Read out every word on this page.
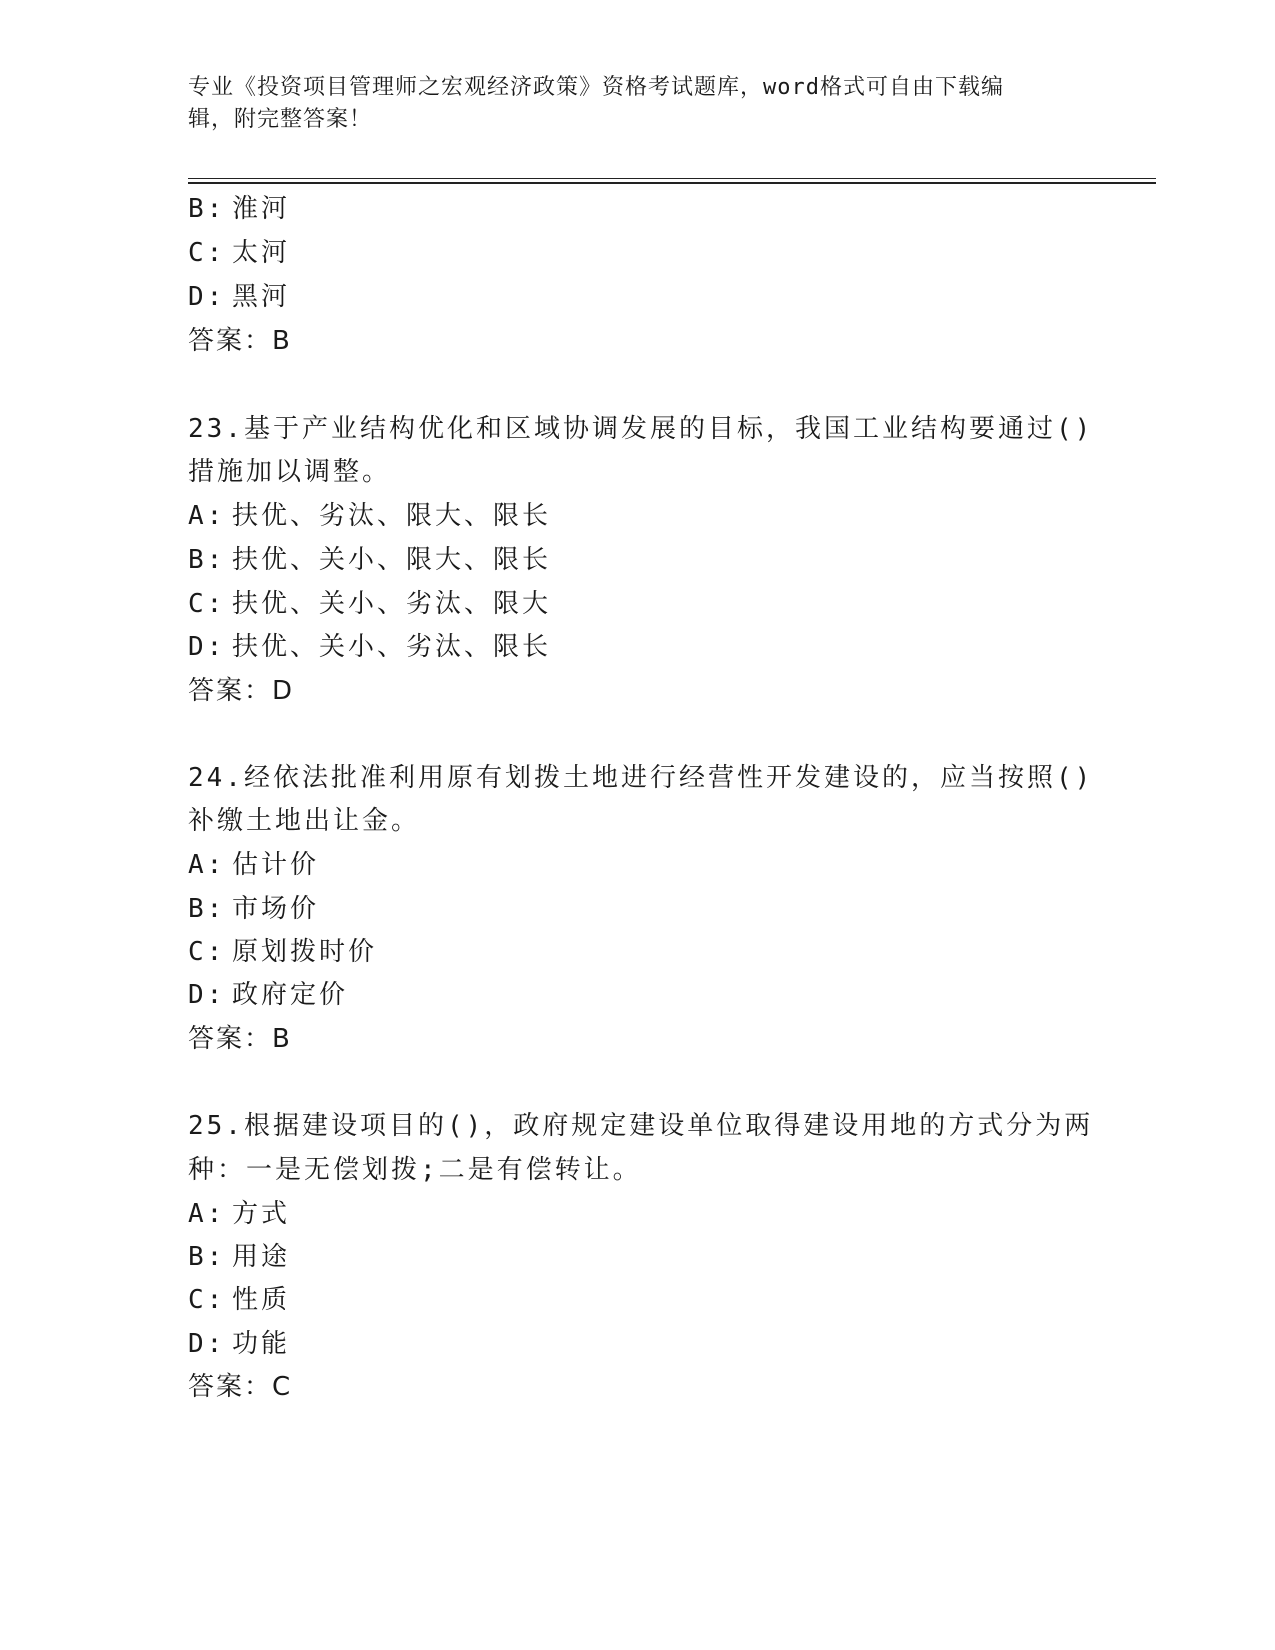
专业《投资项目管理师之宏观经济政策》资格考试题库，word格式可自由下载编
辑，附完整答案！
B: 淮河
C: 太河
D: 黑河
答案：B
23.基于产业结构优化和区域协调发展的目标，我国工业结构要通过()
措施加以调整。
A: 扶优、劣汰、限大、限长
B: 扶优、关小、限大、限长
C: 扶优、关小、劣汰、限大
D: 扶优、关小、劣汰、限长
答案：D
24.经依法批准利用原有划拨土地进行经营性开发建设的，应当按照()
补缴土地出让金。
A: 估计价
B: 市场价
C: 原划拨时价
D: 政府定价
答案：B
25.根据建设项目的()，政府规定建设单位取得建设用地的方式分为两
种：一是无偿划拨;二是有偿转让。
A: 方式
B: 用途
C: 性质
D: 功能
答案：C
